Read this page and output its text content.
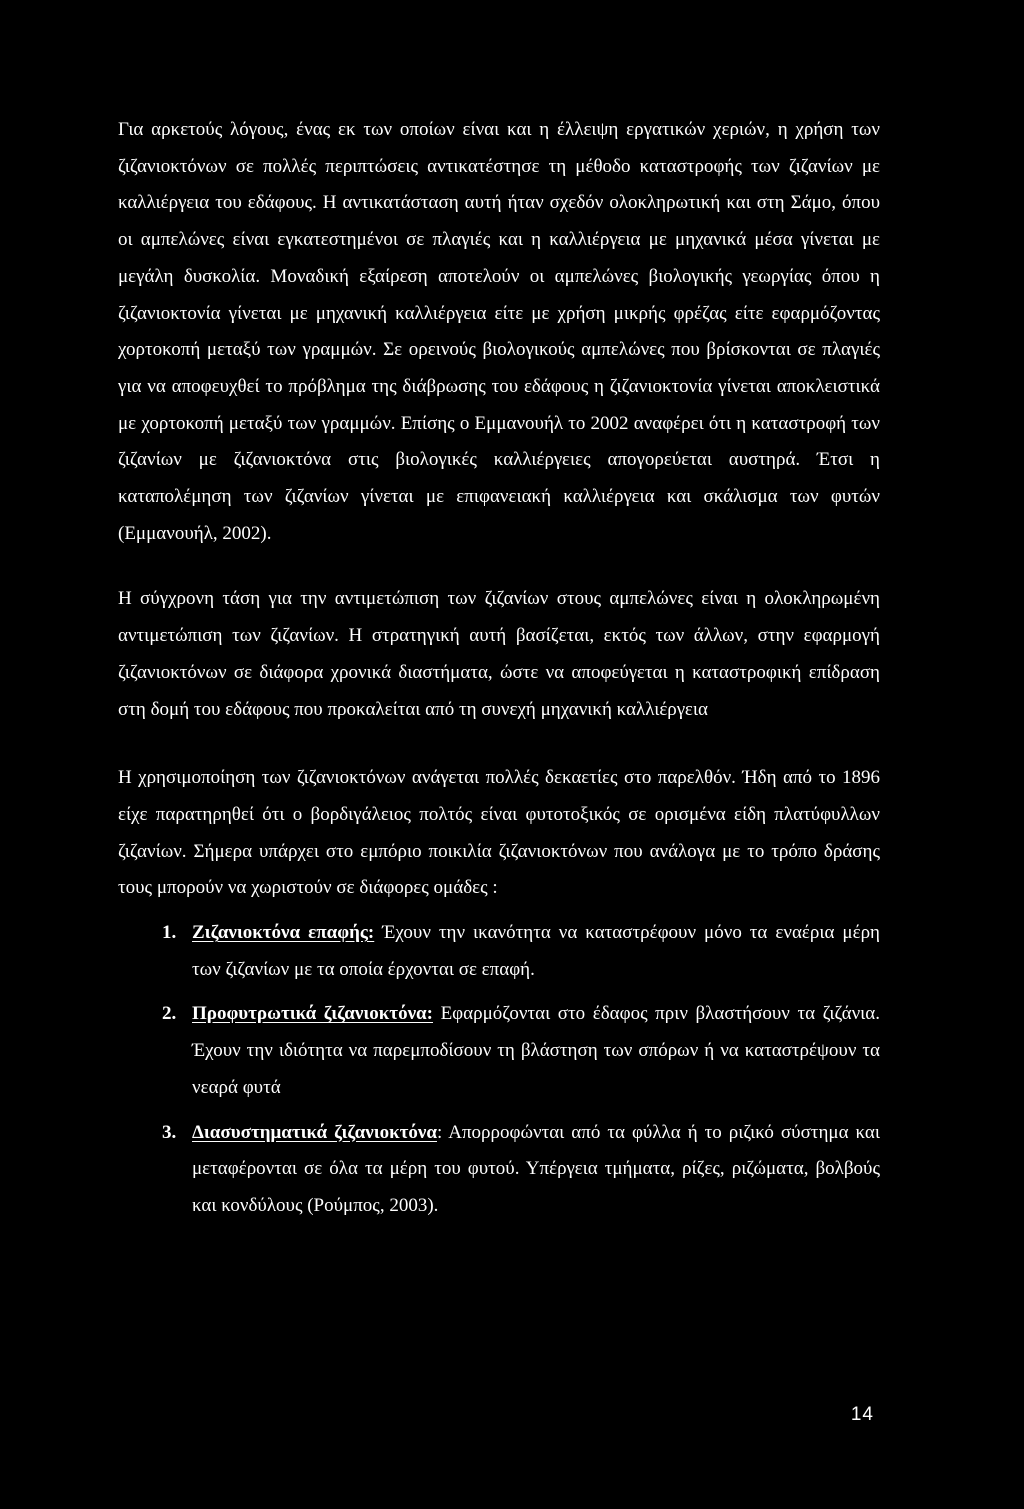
Για αρκετούς λόγους, ένας εκ των οποίων είναι και η έλλειψη εργατικών χεριών, η χρήση των ζιζανιοκτόνων σε πολλές περιπτώσεις αντικατέστησε τη μέθοδο καταστροφής των ζιζανίων με καλλιέργεια του εδάφους. Η αντικατάσταση αυτή ήταν σχεδόν ολοκληρωτική και στη Σάμο, όπου οι αμπελώνες είναι εγκατεστημένοι σε πλαγιές και η καλλιέργεια με μηχανικά μέσα γίνεται με μεγάλη δυσκολία. Μοναδική εξαίρεση αποτελούν οι αμπελώνες βιολογικής γεωργίας όπου η ζιζανιοκτονία γίνεται με μηχανική καλλιέργεια είτε με χρήση μικρής φρέζας είτε εφαρμόζοντας χορτοκοπή μεταξύ των γραμμών. Σε ορεινούς βιολογικούς αμπελώνες που βρίσκονται σε πλαγιές για να αποφευχθεί το πρόβλημα της διάβρωσης του εδάφους η ζιζανιοκτονία γίνεται αποκλειστικά με χορτοκοπή μεταξύ των γραμμών. Επίσης ο Εμμανουήλ το 2002 αναφέρει ότι η καταστροφή των ζιζανίων με ζιζανιοκτόνα στις βιολογικές καλλιέργειες απογορεύεται αυστηρά. Έτσι η καταπολέμηση των ζιζανίων γίνεται με επιφανειακή καλλιέργεια και σκάλισμα των φυτών (Εμμανουήλ, 2002).

Η σύγχρονη τάση για την αντιμετώπιση των ζιζανίων στους αμπελώνες είναι η ολοκληρωμένη αντιμετώπιση των ζιζανίων. Η στρατηγική αυτή βασίζεται, εκτός των άλλων, στην εφαρμογή ζιζανιοκτόνων σε διάφορα χρονικά διαστήματα, ώστε να αποφεύγεται η καταστροφική επίδραση στη δομή του εδάφους που προκαλείται από τη συνεχή μηχανική καλλιέργεια

Η χρησιμοποίηση των ζιζανιοκτόνων ανάγεται πολλές δεκαετίες στο παρελθόν. Ήδη από το 1896 είχε παρατηρηθεί ότι ο βορδιγάλειος πολτός είναι φυτοτοξικός σε ορισμένα είδη πλατύφυλλων ζιζανίων. Σήμερα υπάρχει στο εμπόριο ποικιλία ζιζανιοκτόνων που ανάλογα με το τρόπο δράσης τους μπορούν να χωριστούν σε διάφορες ομάδες :

1. Ζιζανιοκτόνα επαφής: Έχουν την ικανότητα να καταστρέφουν μόνο τα εναέρια μέρη των ζιζανίων με τα οποία έρχονται σε επαφή.
2. Προφυτρωτικά ζιζανιοκτόνα: Εφαρμόζονται στο έδαφος πριν βλαστήσουν τα ζιζάνια. Έχουν την ιδιότητα να παρεμποδίσουν τη βλάστηση των σπόρων ή να καταστρέψουν τα νεαρά φυτά
3. Διασυστηματικά ζιζανιοκτόνα: Απορροφώνται από τα φύλλα ή το ριζικό σύστημα και μεταφέρονται σε όλα τα μέρη του φυτού. Υπέργεια τμήματα, ρίζες, ριζώματα, βολβούς και κονδύλους (Ρούμπος, 2003).
14
